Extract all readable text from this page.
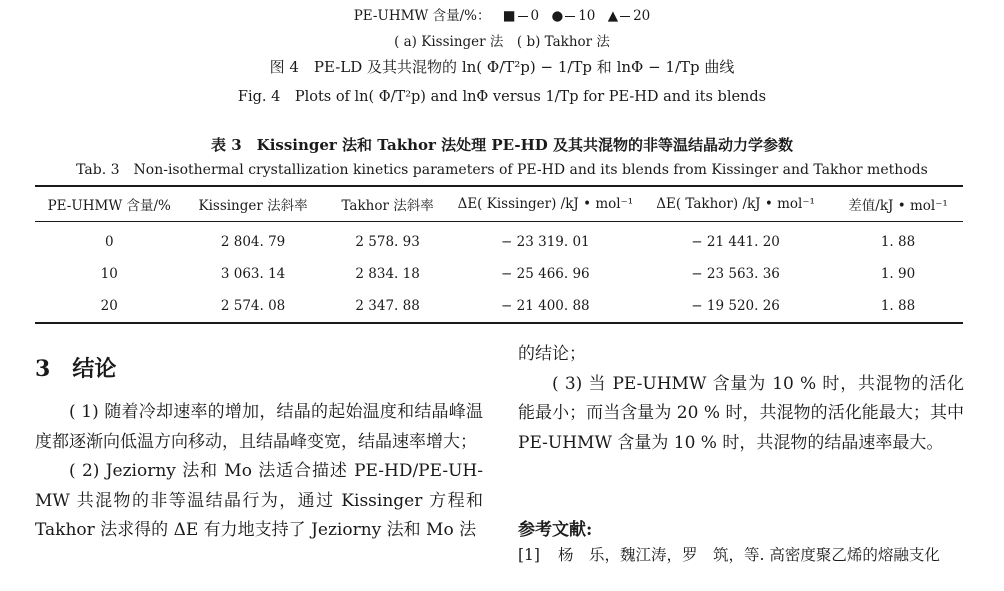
PE-UHMW 含量/%： ■ 0 ● 10 ▲ 20
( a) Kissinger 法　( b) Takhor 法
图 4　PE-LD 及其共混物的 ln( Φ/T²p) − 1/Tp 和 lnΦ − 1/Tp 曲线
Fig. 4　Plots of ln( Φ/T²p) and lnΦ versus 1/Tp for PE-HD and its blends
表 3　Kissinger 法和 Takhor 法处理 PE-HD 及其共混物的非等温结晶动力学参数
Tab. 3　Non-isothermal crystallization kinetics parameters of PE-HD and its blends from Kissinger and Takhor methods
PE-UHMW 含量/%	Kissinger 法斜率	Takhor 法斜率	ΔE( Kissinger) /kJ • mol⁻¹	ΔE( Takhor) /kJ • mol⁻¹	差值/kJ • mol⁻¹
0	2 804. 79	2 578. 93	− 23 319. 01	− 21 441. 20	1. 88
10	3 063. 14	2 834. 18	− 25 466. 96	− 23 563. 36	1. 90
20	2 574. 08	2 347. 88	− 21 400. 88	− 19 520. 26	1. 88
3 结论
( 1) 随着冷却速率的增加，结晶的起始温度和结晶峰温度都逐渐向低温方向移动，且结晶峰变宽，结晶速率增大；
( 2) Jeziorny 法和 Mo 法适合描述 PE-HD/PE-UH-MW 共混物的非等温结晶行为，通过 Kissinger 方程和 Takhor 法求得的 ΔE 有力地支持了 Jeziorny 法和 Mo 法
的结论；
( 3) 当 PE-UHMW 含量为 10 % 时，共混物的活化能最小；而当含量为 20 % 时，共混物的活化能最大；其中 PE-UHMW 含量为 10 % 时，共混物的结晶速率最大。
参考文献:
[1] 杨　乐，魏江涛，罗　筑，等. 高密度聚乙烯的熔融支化
